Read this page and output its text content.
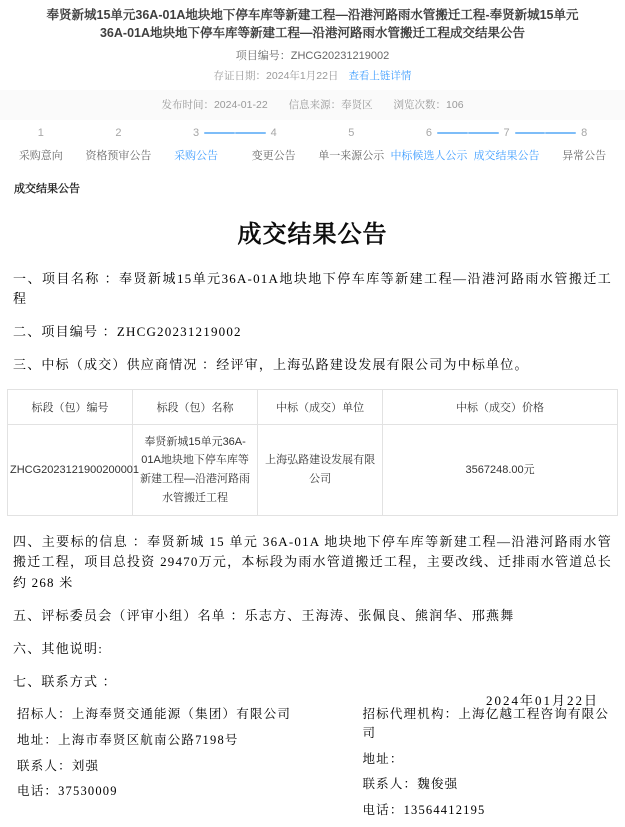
奉贤新城15单元36A-01A地块地下停车库等新建工程—沿港河路雨水管搬迁工程-奉贤新城15单元36A-01A地块地下停车库等新建工程—沿港河路雨水管搬迁工程成交结果公告
项目编号：ZHCG20231219002
存证日期：2024年1月22日 查看上链详情
发布时间：2024-01-22 信息来源：奉贤区 浏览次数：106
1
采购意向
2
资格预审公告
3
采购公告
4
变更公告
5
单一来源公示
6
中标候选人公示
7
成交结果公告
8
异常公告
成交结果公告
成交结果公告

一、项目名称 ：奉贤新城15单元36A-01A地块地下停车库等新建工程—沿港河路雨水管搬迁工程

二、项目编号 ：ZHCG20231219002

三、中标（成交）供应商情况 ：经评审，上海弘路建设发展有限公司为中标单位。

标段（包）编号	标段（包）名称	中标（成交）单位	中标（成交）价格
ZHCG2023121900200001	奉贤新城15单元36A-01A地块地下停车库等新建工程—沿港河路雨水管搬迁工程	上海弘路建设发展有限公司	3567248.00元

四、主要标的信息 ：奉贤新城 15 单元 36A-01A 地块地下停车库等新建工程—沿港河路雨水管搬迁工程，项目总投资 29470万元，本标段为雨水管道搬迁工程，主要改线、迁排雨水管道总长约 268 米

五、评标委员会（评审小组）名单 ：乐志方、王海涛、张佩良、熊润华、邢燕舞

六、其他说明:

七、联系方式 ：

招标人：上海奉贤交通能源（集团）有限公司
地址：上海市奉贤区航南公路7198号
联系人：刘强
电话：37530009
招标代理机构：上海亿越工程咨询有限公司
地址：
联系人：魏俊强
电话：13564412195
2024年01月22日
